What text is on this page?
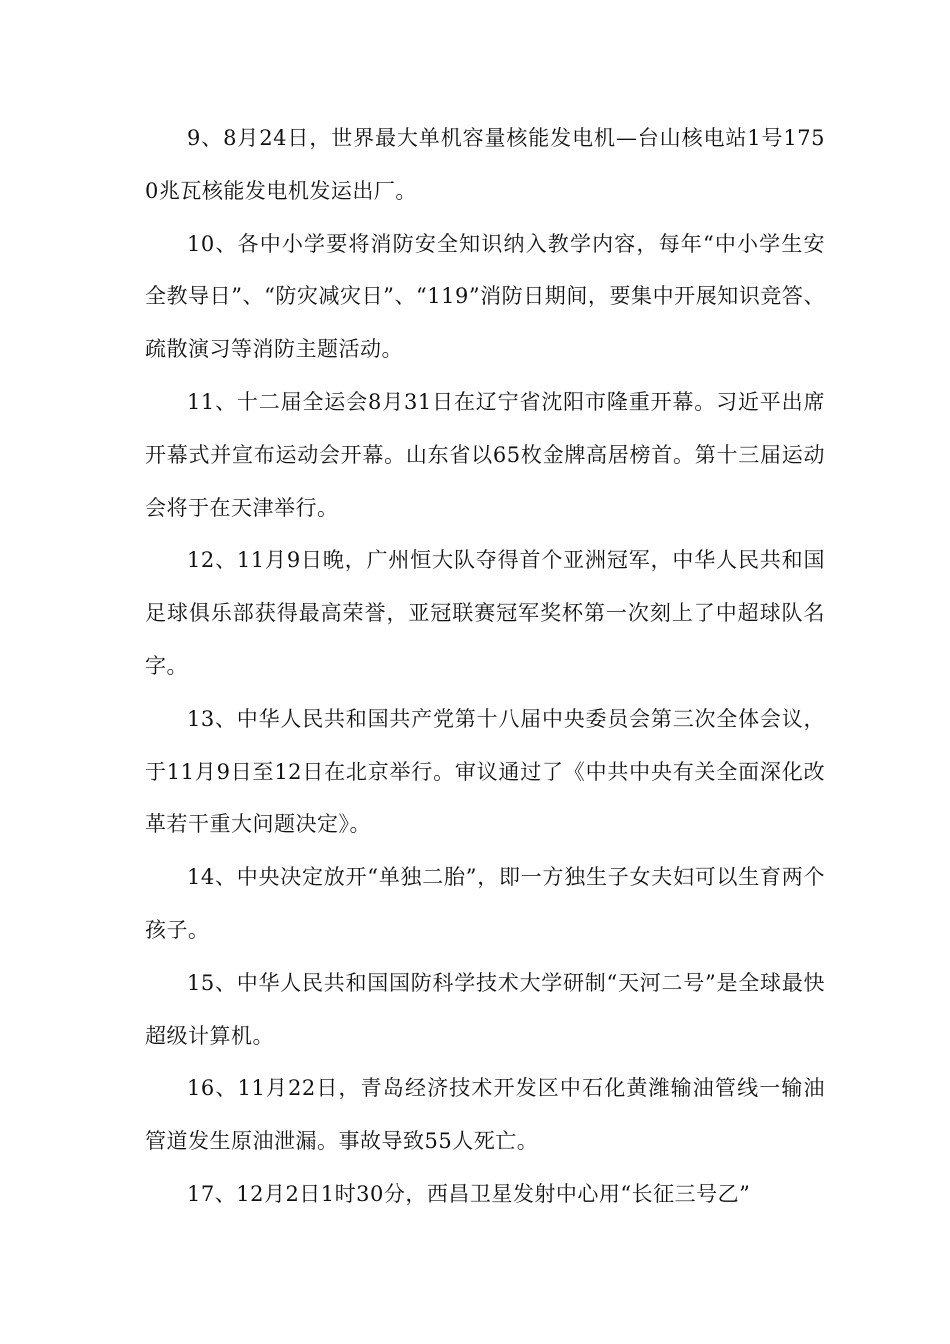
9、8月24日，世界最大单机容量核能发电机—台山核电站1号1750兆瓦核能发电机发运出厂。

10、各中小学要将消防安全知识纳入教学内容，每年“中小学生安全教导日”、“防灾减灾日”、“119”消防日期间，要集中开展知识竞答、疏散演习等消防主题活动。

11、十二届全运会8月31日在辽宁省沈阳市隆重开幕。习近平出席开幕式并宣布运动会开幕。山东省以65枚金牌高居榜首。第十三届运动会将于在天津举行。

12、11月9日晚，广州恒大队夺得首个亚洲冠军，中华人民共和国足球俱乐部获得最高荣誉，亚冠联赛冠军奖杯第一次刻上了中超球队名字。

13、中华人民共和国共产党第十八届中央委员会第三次全体会议，于11月9日至12日在北京举行。审议通过了《中共中央有关全面深化改革若干重大问题决定》。

14、中央决定放开“单独二胎”，即一方独生子女夫妇可以生育两个孩子。

15、中华人民共和国国防科学技术大学研制“天河二号”是全球最快超级计算机。

16、11月22日，青岛经济技术开发区中石化黄潍输油管线一输油管道发生原油泄漏。事故导致55人死亡。

17、12月2日1时30分，西昌卫星发射中心用“长征三号乙”
